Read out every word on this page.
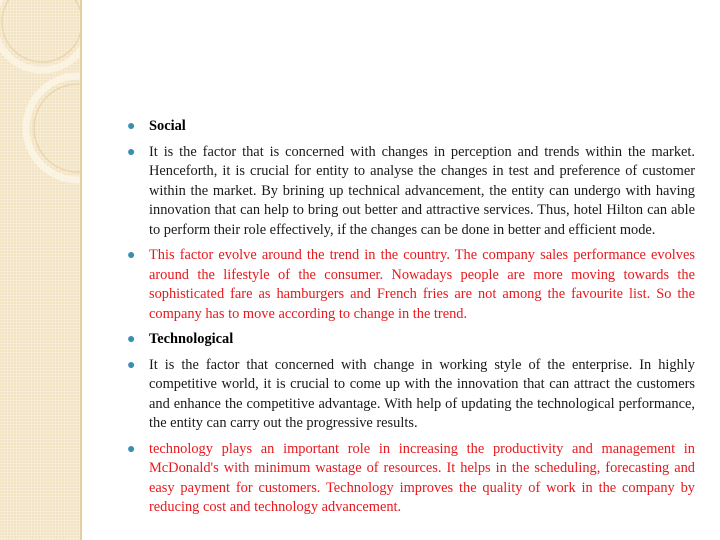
●
Social
●
It is the factor that is concerned with changes in perception and trends within the market. Henceforth, it is crucial for entity to analyse the changes in test and preference of customer within the market. By brining up technical advancement, the entity can undergo with having innovation that can help to bring out better and attractive services. Thus, hotel Hilton can able to perform their role effectively, if the changes can be done in better and efficient mode.
●
This factor evolve around the trend in the country. The company sales performance evolves around the lifestyle of the consumer. Nowadays people are more moving towards the sophisticated fare as hamburgers and French fries are not among the favourite list. So the company has to move according to change in the trend.
●
Technological
●
It is the factor that concerned with change in working style of the enterprise. In highly competitive world, it is crucial to come up with the innovation that can attract the customers and enhance the competitive advantage. With help of updating the technological performance, the entity can carry out the progressive results.
●
technology plays an important role in increasing the productivity and management in McDonald's with minimum wastage of resources. It helps in the scheduling, forecasting and easy payment for customers. Technology improves the quality of work in the company by reducing cost and technology advancement.
